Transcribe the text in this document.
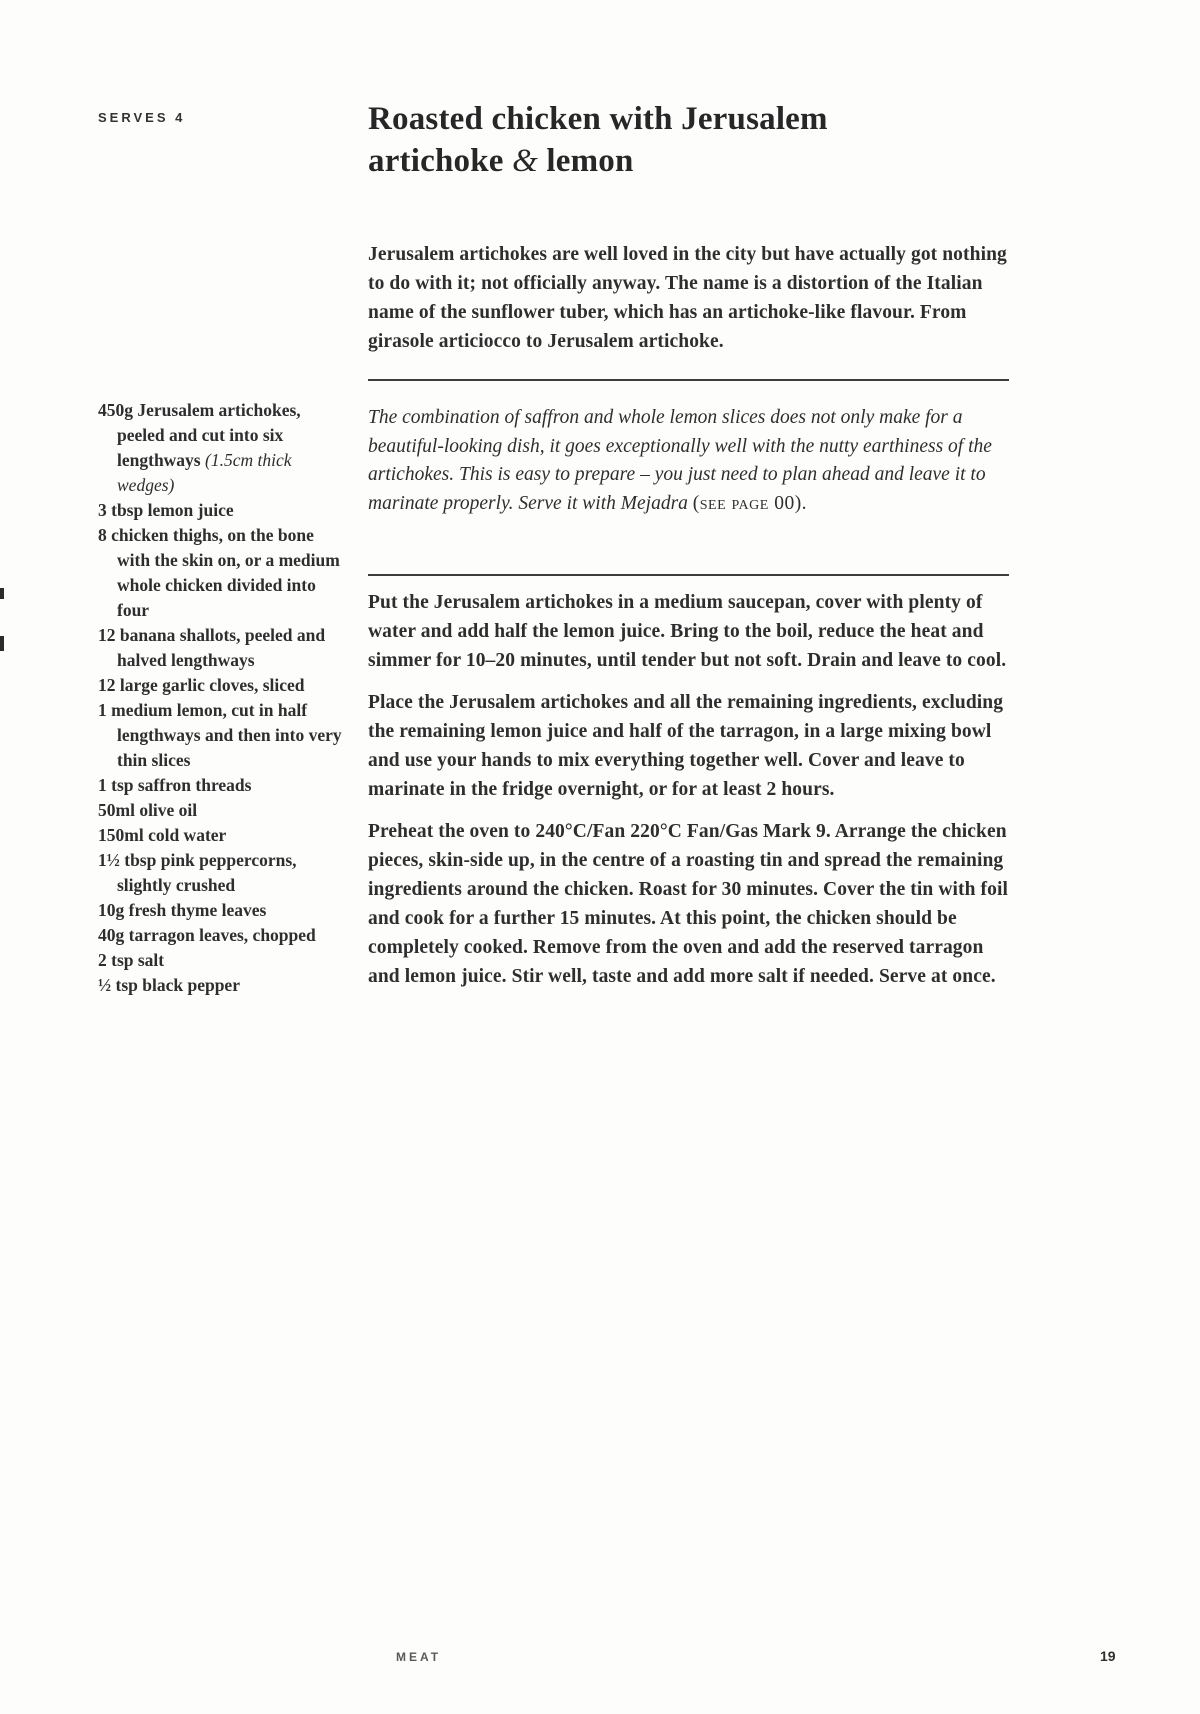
SERVES 4	Roasted chicken with Jerusalem
artichoke & lemon

Jerusalem artichokes are well loved in the city but have actually got nothing to do with it; not officially anyway. The name is a distortion of the Italian name of the sunflower tuber, which has an artichoke-like flavour. From girasole articiocco to Jerusalem artichoke.

The combination of saffron and whole lemon slices does not only make for a beautiful-looking dish, it goes exceptionally well with the nutty earthiness of the artichokes. This is easy to prepare – you just need to plan ahead and leave it to marinate properly. Serve it with Mejadra (see page 00).

Put the Jerusalem artichokes in a medium saucepan, cover with plenty of water and add half the lemon juice. Bring to the boil, reduce the heat and simmer for 10–20 minutes, until tender but not soft. Drain and leave to cool.

Place the Jerusalem artichokes and all the remaining ingredients, excluding the remaining lemon juice and half of the tarragon, in a large mixing bowl and use your hands to mix everything together well. Cover and leave to marinate in the fridge overnight, or for at least 2 hours.

Preheat the oven to 240°C/Fan 220°C Fan/Gas Mark 9. Arrange the chicken pieces, skin-side up, in the centre of a roasting tin and spread the remaining ingredients around the chicken. Roast for 30 minutes. Cover the tin with foil and cook for a further 15 minutes. At this point, the chicken should be completely cooked. Remove from the oven and add the reserved tarragon and lemon juice. Stir well, taste and add more salt if needed. Serve at once.

450g Jerusalem artichokes, peeled and cut into six lengthways (1.5cm thick wedges)
3 tbsp lemon juice
8 chicken thighs, on the bone with the skin on, or a medium whole chicken divided into four
12 banana shallots, peeled and halved lengthways
12 large garlic cloves, sliced
1 medium lemon, cut in half lengthways and then into very thin slices
1 tsp saffron threads
50ml olive oil
150ml cold water
1½ tbsp pink peppercorns, slightly crushed
10g fresh thyme leaves
40g tarragon leaves, chopped
2 tsp salt
½ tsp black pepper
MEAT	19
